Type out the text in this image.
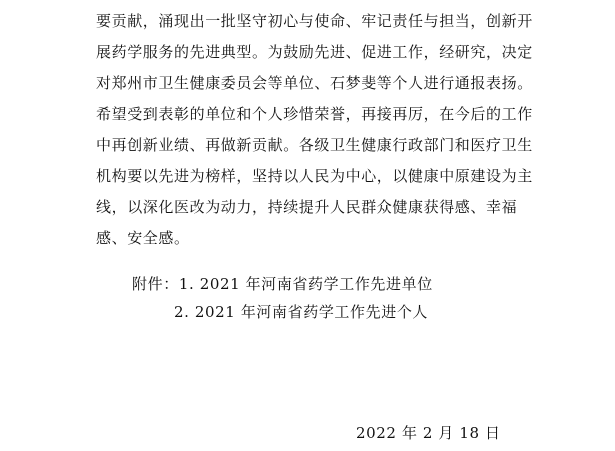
要贡献，涌现出一批坚守初心与使命、牢记责任与担当，创新开
展药学服务的先进典型。为鼓励先进、促进工作，经研究，决定
对郑州市卫生健康委员会等单位、石梦斐等个人进行通报表扬。
希望受到表彰的单位和个人珍惜荣誉，再接再厉，在今后的工作
中再创新业绩、再做新贡献。各级卫生健康行政部门和医疗卫生
机构要以先进为榜样，坚持以人民为中心，以健康中原建设为主
线，以深化医改为动力，持续提升人民群众健康获得感、幸福
感、安全感。
附件：1. 2021 年河南省药学工作先进单位
2. 2021 年河南省药学工作先进个人
2022 年 2 月 18 日
